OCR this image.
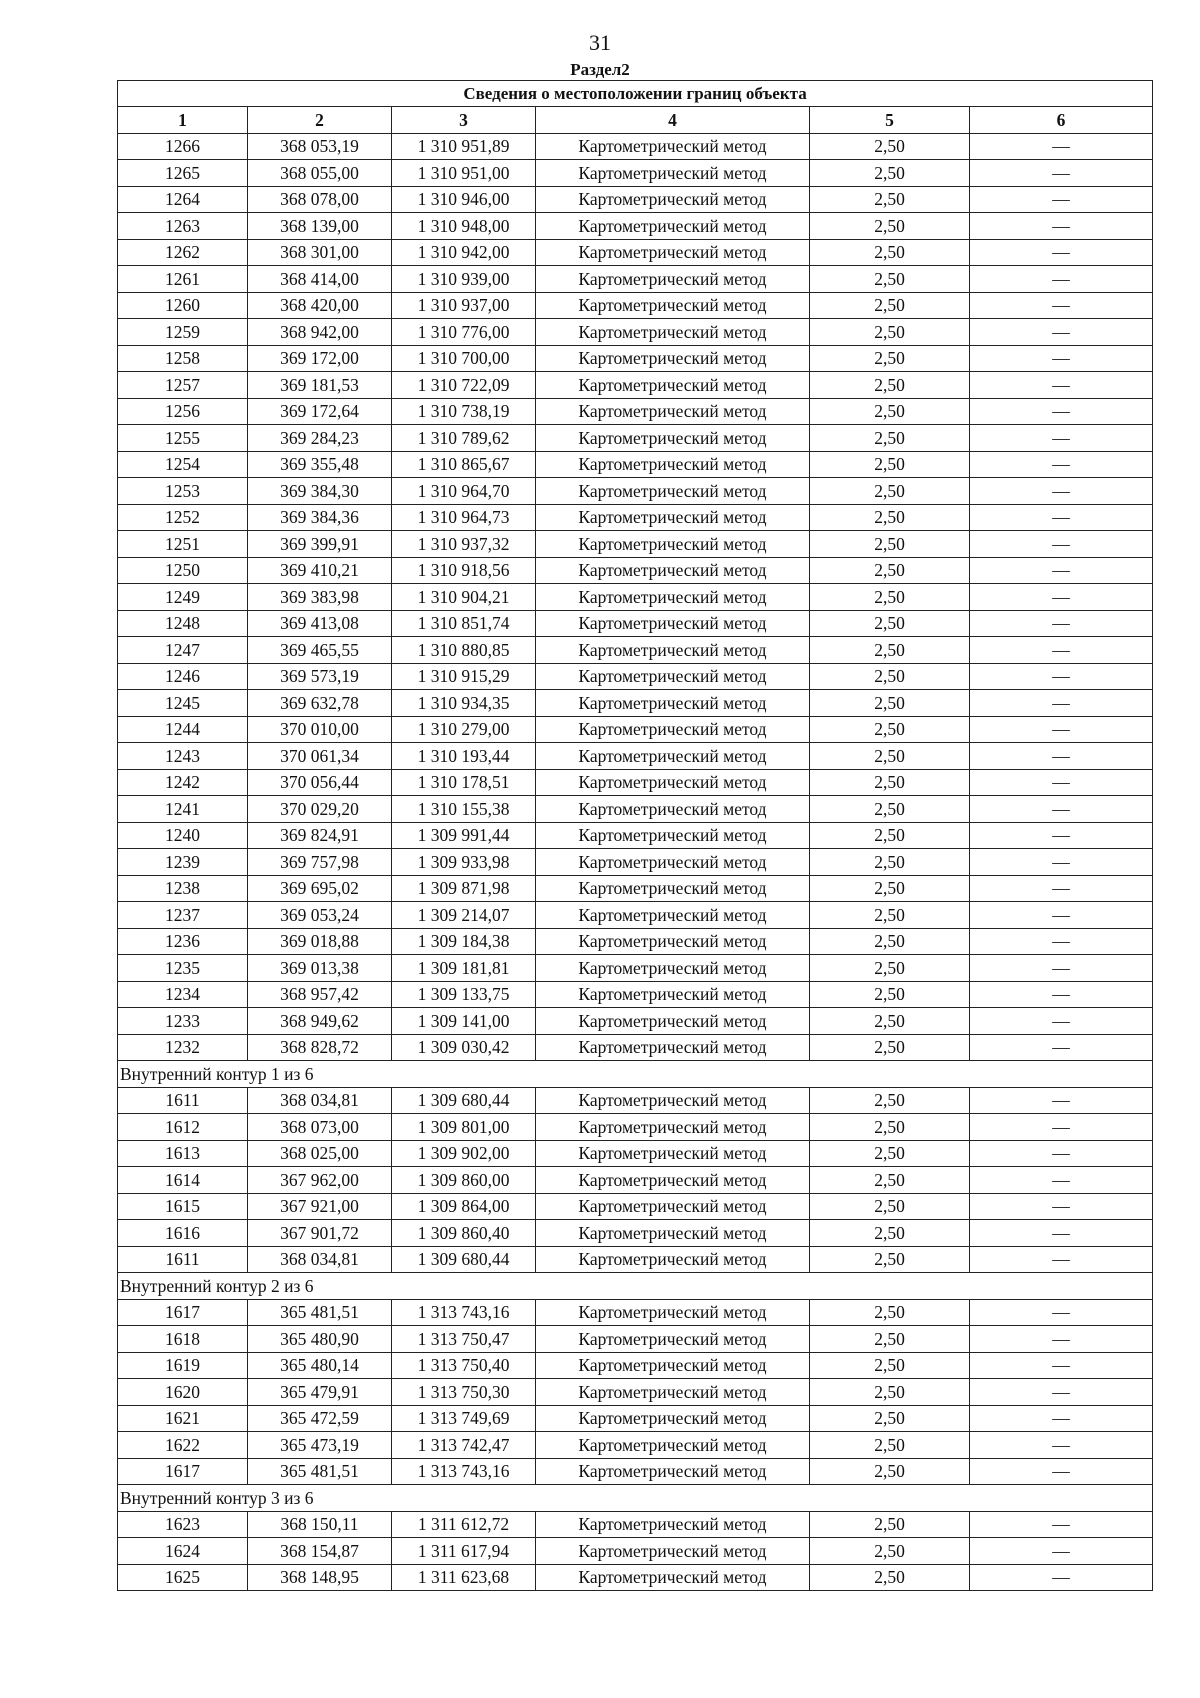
31
Раздел2
Сведения о местоположении границ объекта					
1	2	3	4	5	6
1266	368 053,19	1 310 951,89	Картометрический метод	2,50	—
1265	368 055,00	1 310 951,00	Картометрический метод	2,50	—
1264	368 078,00	1 310 946,00	Картометрический метод	2,50	—
1263	368 139,00	1 310 948,00	Картометрический метод	2,50	—
1262	368 301,00	1 310 942,00	Картометрический метод	2,50	—
1261	368 414,00	1 310 939,00	Картометрический метод	2,50	—
1260	368 420,00	1 310 937,00	Картометрический метод	2,50	—
1259	368 942,00	1 310 776,00	Картометрический метод	2,50	—
1258	369 172,00	1 310 700,00	Картометрический метод	2,50	—
1257	369 181,53	1 310 722,09	Картометрический метод	2,50	—
1256	369 172,64	1 310 738,19	Картометрический метод	2,50	—
1255	369 284,23	1 310 789,62	Картометрический метод	2,50	—
1254	369 355,48	1 310 865,67	Картометрический метод	2,50	—
1253	369 384,30	1 310 964,70	Картометрический метод	2,50	—
1252	369 384,36	1 310 964,73	Картометрический метод	2,50	—
1251	369 399,91	1 310 937,32	Картометрический метод	2,50	—
1250	369 410,21	1 310 918,56	Картометрический метод	2,50	—
1249	369 383,98	1 310 904,21	Картометрический метод	2,50	—
1248	369 413,08	1 310 851,74	Картометрический метод	2,50	—
1247	369 465,55	1 310 880,85	Картометрический метод	2,50	—
1246	369 573,19	1 310 915,29	Картометрический метод	2,50	—
1245	369 632,78	1 310 934,35	Картометрический метод	2,50	—
1244	370 010,00	1 310 279,00	Картометрический метод	2,50	—
1243	370 061,34	1 310 193,44	Картометрический метод	2,50	—
1242	370 056,44	1 310 178,51	Картометрический метод	2,50	—
1241	370 029,20	1 310 155,38	Картометрический метод	2,50	—
1240	369 824,91	1 309 991,44	Картометрический метод	2,50	—
1239	369 757,98	1 309 933,98	Картометрический метод	2,50	—
1238	369 695,02	1 309 871,98	Картометрический метод	2,50	—
1237	369 053,24	1 309 214,07	Картометрический метод	2,50	—
1236	369 018,88	1 309 184,38	Картометрический метод	2,50	—
1235	369 013,38	1 309 181,81	Картометрический метод	2,50	—
1234	368 957,42	1 309 133,75	Картометрический метод	2,50	—
1233	368 949,62	1 309 141,00	Картометрический метод	2,50	—
1232	368 828,72	1 309 030,42	Картометрический метод	2,50	—
Внутренний контур 1 из 6					
1611	368 034,81	1 309 680,44	Картометрический метод	2,50	—
1612	368 073,00	1 309 801,00	Картометрический метод	2,50	—
1613	368 025,00	1 309 902,00	Картометрический метод	2,50	—
1614	367 962,00	1 309 860,00	Картометрический метод	2,50	—
1615	367 921,00	1 309 864,00	Картометрический метод	2,50	—
1616	367 901,72	1 309 860,40	Картометрический метод	2,50	—
1611	368 034,81	1 309 680,44	Картометрический метод	2,50	—
Внутренний контур 2 из 6					
1617	365 481,51	1 313 743,16	Картометрический метод	2,50	—
1618	365 480,90	1 313 750,47	Картометрический метод	2,50	—
1619	365 480,14	1 313 750,40	Картометрический метод	2,50	—
1620	365 479,91	1 313 750,30	Картометрический метод	2,50	—
1621	365 472,59	1 313 749,69	Картометрический метод	2,50	—
1622	365 473,19	1 313 742,47	Картометрический метод	2,50	—
1617	365 481,51	1 313 743,16	Картометрический метод	2,50	—
Внутренний контур 3 из 6					
1623	368 150,11	1 311 612,72	Картометрический метод	2,50	—
1624	368 154,87	1 311 617,94	Картометрический метод	2,50	—
1625	368 148,95	1 311 623,68	Картометрический метод	2,50	—
